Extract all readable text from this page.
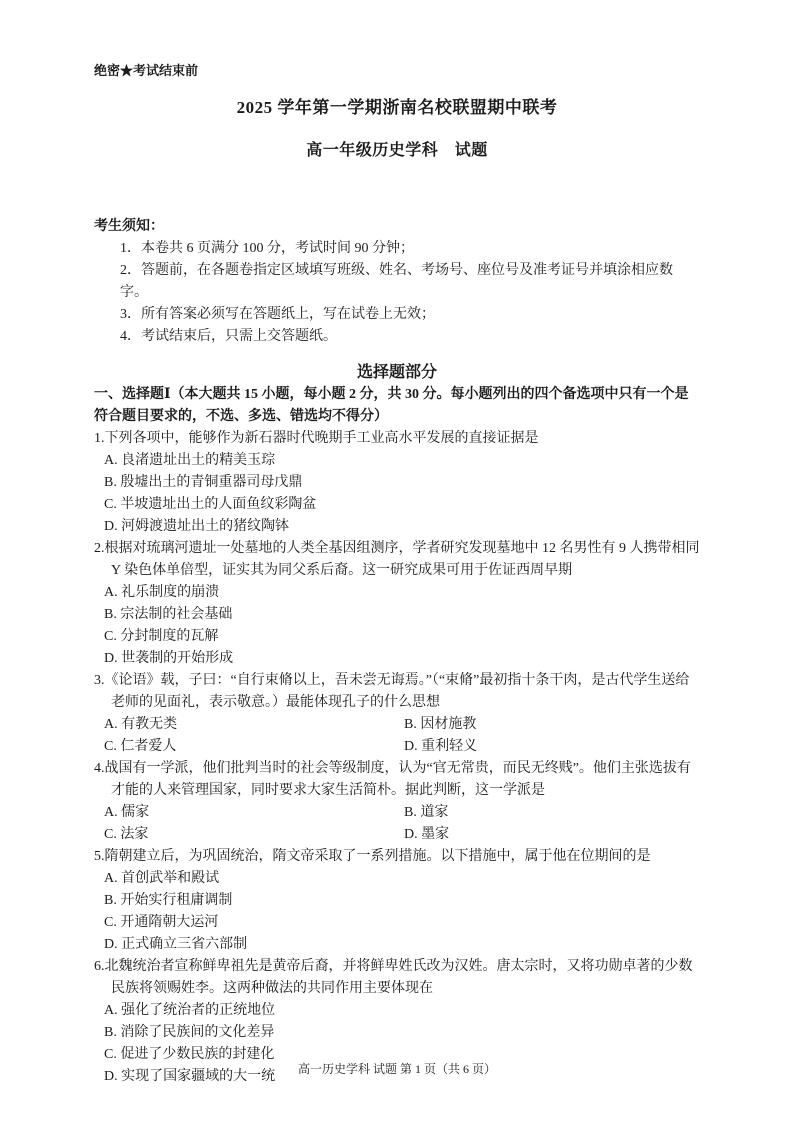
绝密★考试结束前
2025 学年第一学期浙南名校联盟期中联考
高一年级历史学科　试题
考生须知：
1．本卷共 6 页满分 100 分，考试时间 90 分钟；
2．答题前，在各题卷指定区域填写班级、姓名、考场号、座位号及准考证号并填涂相应数字。
3．所有答案必须写在答题纸上，写在试卷上无效；
4．考试结束后，只需上交答题纸。
选择题部分
一、选择题Ⅰ（本大题共 15 小题，每小题 2 分，共 30 分。每小题列出的四个备选项中只有一个是符合题目要求的，不选、多选、错选均不得分）
1.下列各项中，能够作为新石器时代晚期手工业高水平发展的直接证据是
A. 良渚遗址出土的精美玉琮
B. 殷墟出土的青铜重器司母戊鼎
C. 半坡遗址出土的人面鱼纹彩陶盆
D. 河姆渡遗址出土的猪纹陶钵
2.根据对琉璃河遗址一处墓地的人类全基因组测序，学者研究发现墓地中 12 名男性有 9 人携带相同 Y 染色体单倍型，证实其为同父系后裔。这一研究成果可用于佐证西周早期
A. 礼乐制度的崩溃
B. 宗法制的社会基础
C. 分封制度的瓦解
D. 世袭制的开始形成
3.《论语》载，子曰：“自行束脩以上，吾未尝无诲焉。”（“束脩”最初指十条干肉，是古代学生送给老师的见面礼，表示敬意。）最能体现孔子的什么思想
A. 有教无类	B. 因材施教
C. 仁者爱人	D. 重利轻义
4.战国有一学派，他们批判当时的社会等级制度，认为“官无常贵，而民无终贱”。他们主张选拔有才能的人来管理国家，同时要求大家生活简朴。据此判断，这一学派是
A. 儒家	B. 道家
C. 法家	D. 墨家
5.隋朝建立后，为巩固统治，隋文帝采取了一系列措施。以下措施中，属于他在位期间的是
A. 首创武举和殿试
B. 开始实行租庸调制
C. 开通隋朝大运河
D. 正式确立三省六部制
6.北魏统治者宣称鲜卑祖先是黄帝后裔，并将鲜卑姓氏改为汉姓。唐太宗时，又将功勋卓著的少数民族将领赐姓李。这两种做法的共同作用主要体现在
A. 强化了统治者的正统地位
B. 消除了民族间的文化差异
C. 促进了少数民族的封建化
D. 实现了国家疆域的大一统	高一历史学科 试题 第 1 页（共 6 页）
